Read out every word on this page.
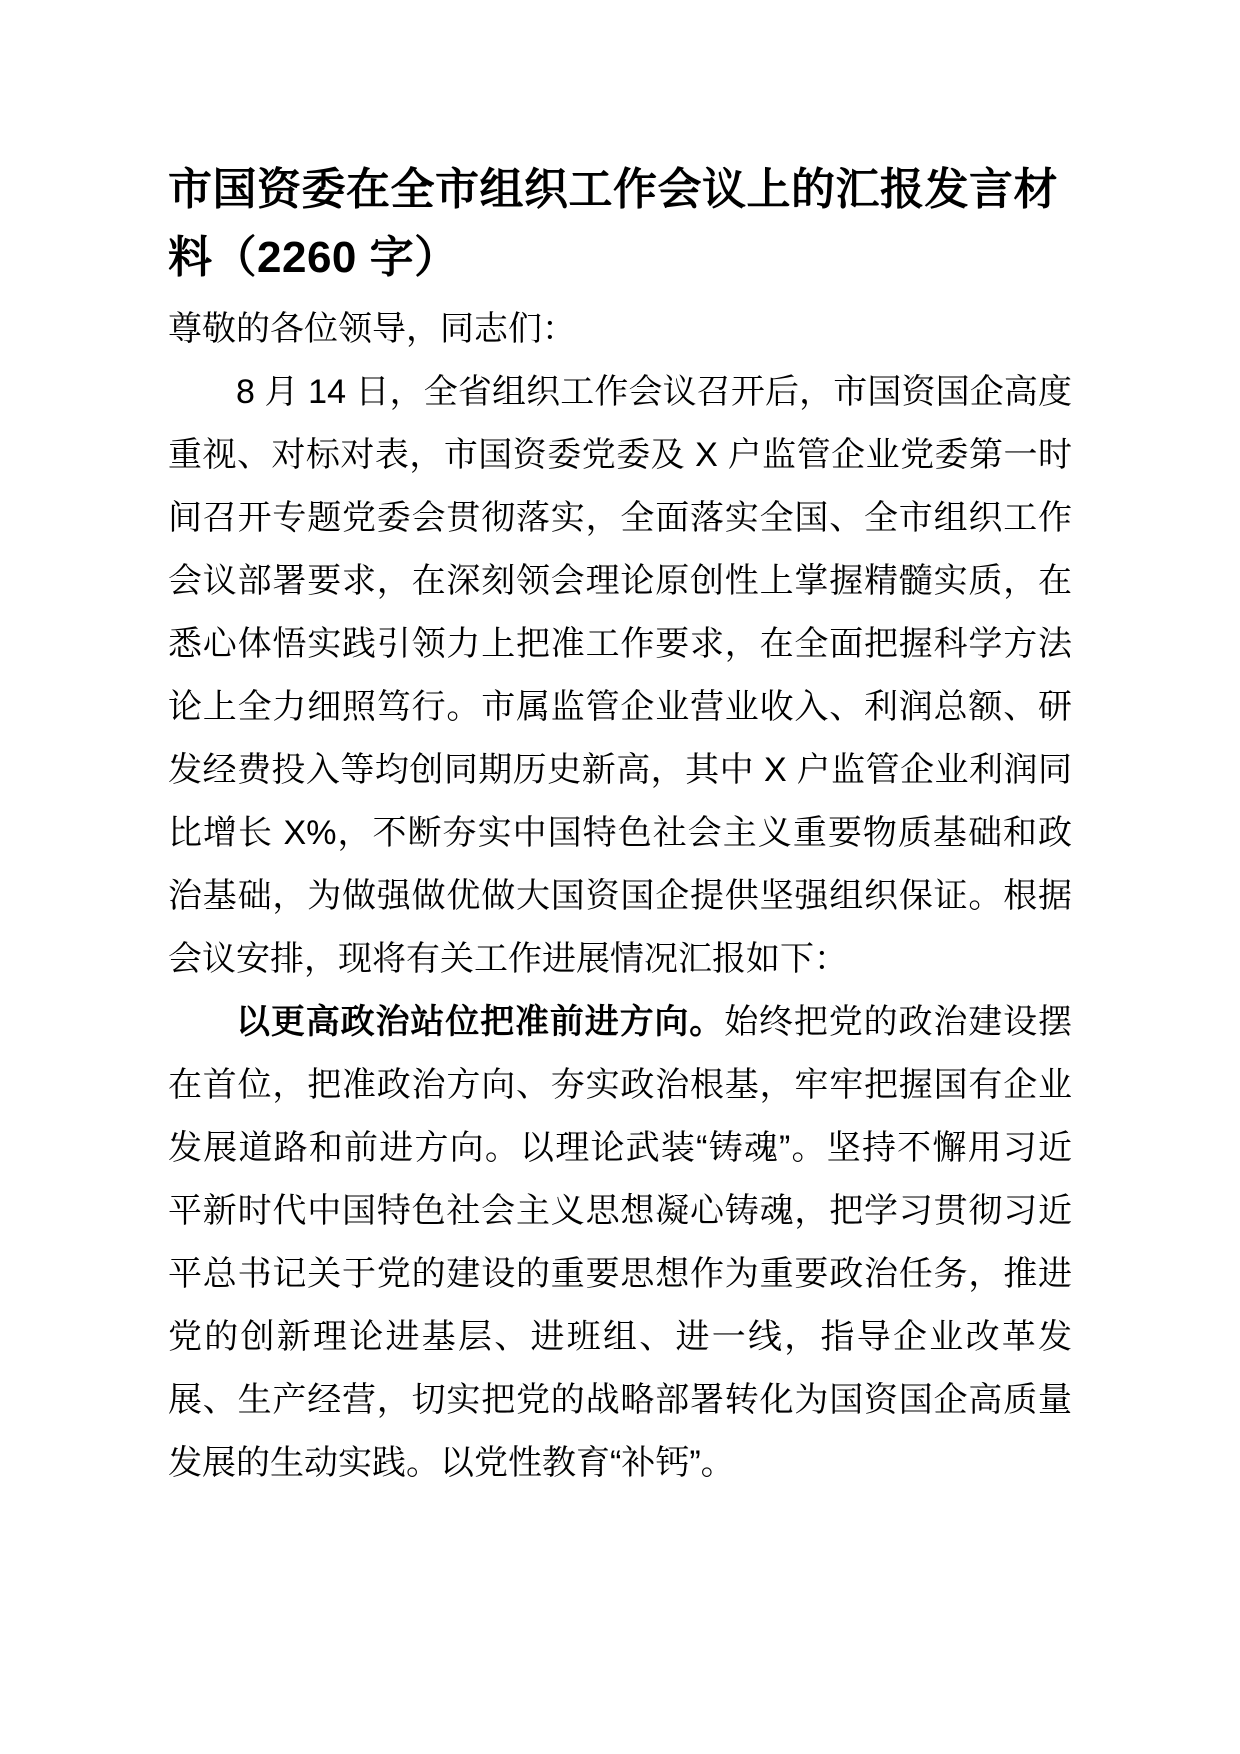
市国资委在全市组织工作会议上的汇报发言材料（2260 字）

尊敬的各位领导，同志们：

8 月 14 日，全省组织工作会议召开后，市国资国企高度重视、对标对表，市国资委党委及 X 户监管企业党委第一时间召开专题党委会贯彻落实，全面落实全国、全市组织工作会议部署要求，在深刻领会理论原创性上掌握精髓实质，在悉心体悟实践引领力上把准工作要求，在全面把握科学方法论上全力细照笃行。市属监管企业营业收入、利润总额、研发经费投入等均创同期历史新高，其中 X 户监管企业利润同比增长 X%，不断夯实中国特色社会主义重要物质基础和政治基础，为做强做优做大国资国企提供坚强组织保证。根据会议安排，现将有关工作进展情况汇报如下：

以更高政治站位把准前进方向。始终把党的政治建设摆在首位，把准政治方向、夯实政治根基，牢牢把握国有企业发展道路和前进方向。以理论武装“铸魂”。坚持不懈用习近平新时代中国特色社会主义思想凝心铸魂，把学习贯彻习近平总书记关于党的建设的重要思想作为重要政治任务，推进党的创新理论进基层、进班组、进一线，指导企业改革发展、生产经营，切实把党的战略部署转化为国资国企高质量发展的生动实践。以党性教育“补钙”。
